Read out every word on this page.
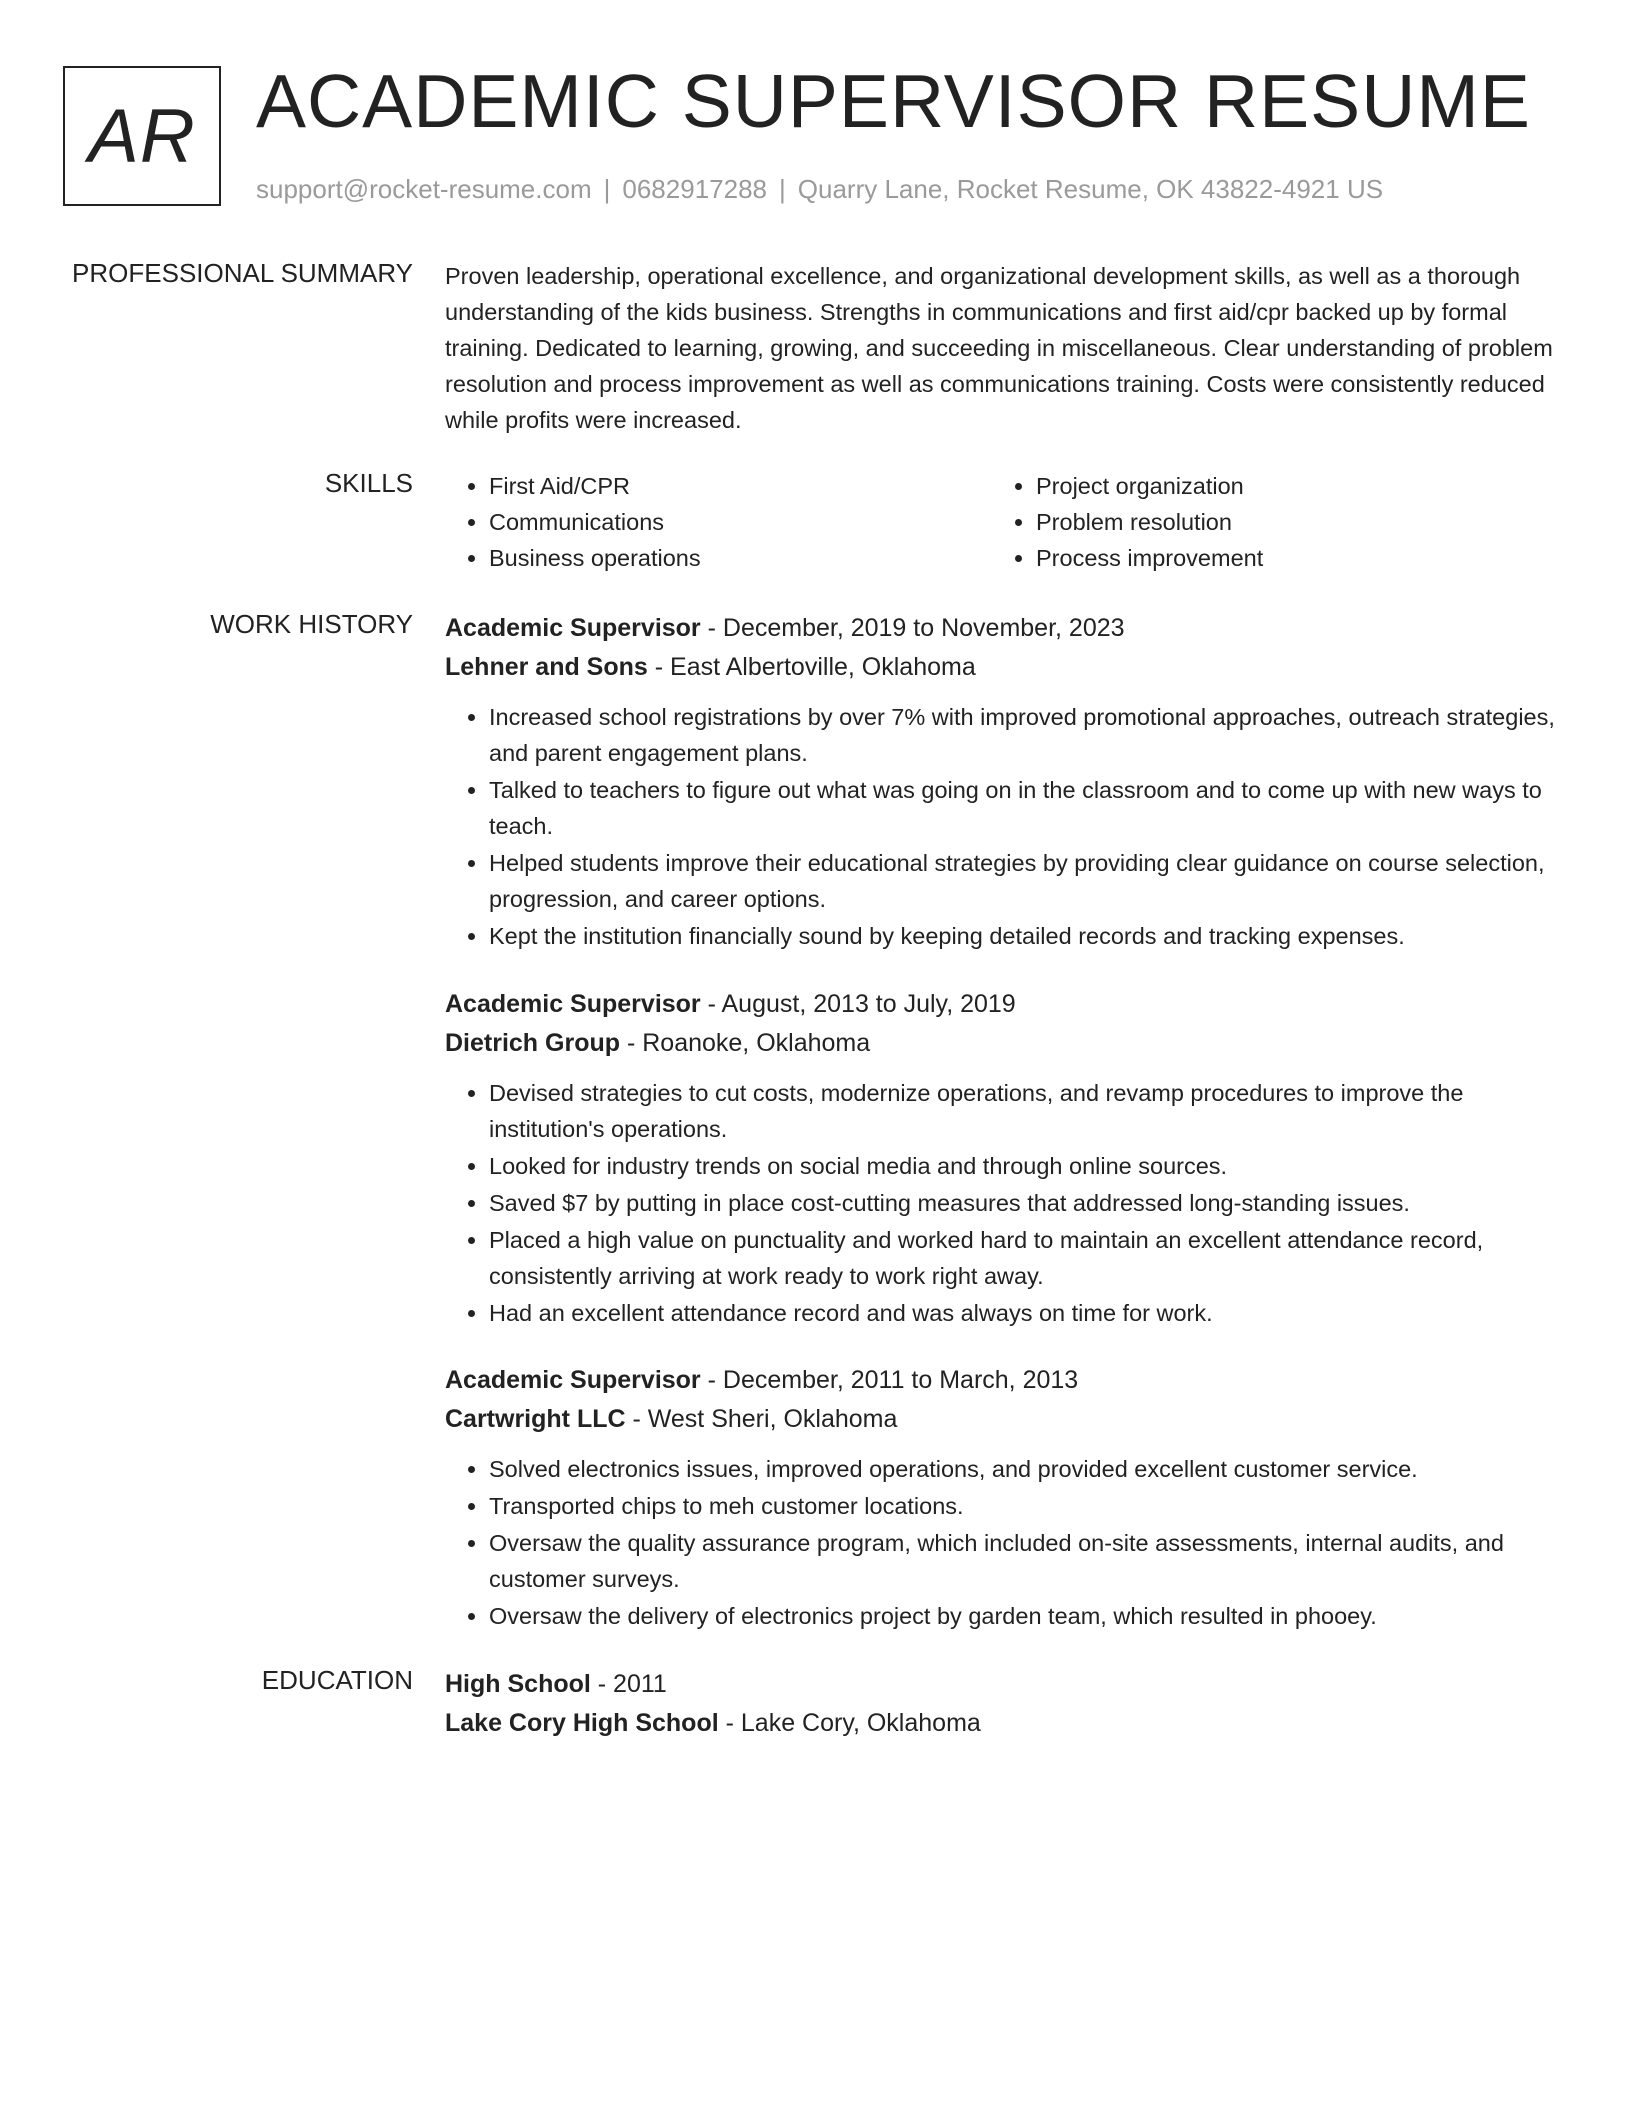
AR ACADEMIC SUPERVISOR RESUME
support@rocket-resume.com | 0682917288 | Quarry Lane, Rocket Resume, OK 43822-4921 US
PROFESSIONAL SUMMARY Proven leadership, operational excellence, and organizational development skills, as well as a thorough understanding of the kids business. Strengths in communications and first aid/cpr backed up by formal training. Dedicated to learning, growing, and succeeding in miscellaneous. Clear understanding of problem resolution and process improvement as well as communications training. Costs were consistently reduced while profits were increased.

SKILLS
•	First Aid/CPR
• Communications
• Business operations
• Project organization
• Problem resolution
• Process improvement
WORK HISTORY Academic Supervisor - December, 2019 to November, 2023
Lehner and Sons - East Albertoville, Oklahoma
• Increased school registrations by over 7% with improved promotional approaches, outreach strategies, and parent engagement plans.
• Talked to teachers to figure out what was going on in the classroom and to come up with new ways to teach.
• Helped students improve their educational strategies by providing clear guidance on course selection, progression, and career options.
• Kept the institution financially sound by keeping detailed records and tracking expenses.
Academic Supervisor - August, 2013 to July, 2019
Dietrich Group - Roanoke, Oklahoma
• Devised strategies to cut costs, modernize operations, and revamp procedures to improve the institution's operations.
• Looked for industry trends on social media and through online sources.
• Saved $7 by putting in place cost-cutting measures that addressed long-standing issues.
• Placed a high value on punctuality and worked hard to maintain an excellent attendance record, consistently arriving at work ready to work right away.
• Had an excellent attendance record and was always on time for work.
Academic Supervisor - December, 2011 to March, 2013
Cartwright LLC - West Sheri, Oklahoma
• Solved electronics issues, improved operations, and provided excellent customer service.
• Transported chips to meh customer locations.
• Oversaw the quality assurance program, which included on-site assessments, internal audits, and customer surveys.
• Oversaw the delivery of electronics project by garden team, which resulted in phooey.
EDUCATION High School - 2011
Lake Cory High School - Lake Cory, Oklahoma
